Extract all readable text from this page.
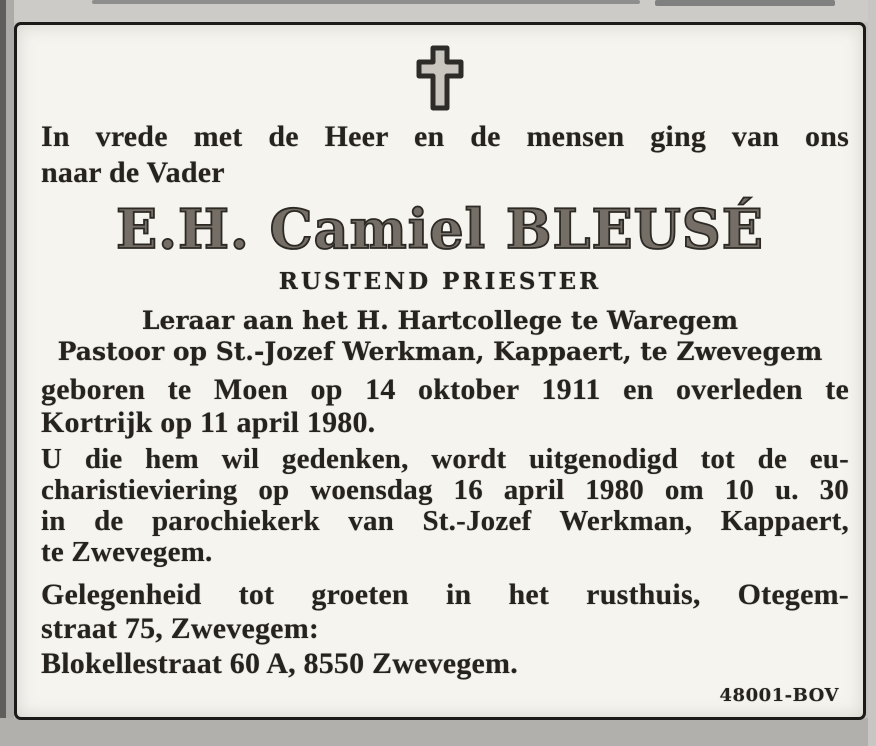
In vrede met de Heer en de mensen ging van ons
naar de Vader
E.H. Camiel BLEUSÉ
RUSTEND PRIESTER
Leraar aan het H. Hartcollege te Waregem
Pastoor op St.-Jozef Werkman, Kappaert, te Zwevegem
geboren te Moen op 14 oktober 1911 en overleden te
Kortrijk op 11 april 1980.
U die hem wil gedenken, wordt uitgenodigd tot de eu-
charistieviering op woensdag 16 april 1980 om 10 u. 30
in de parochiekerk van St.-Jozef Werkman, Kappaert,
te Zwevegem.
Gelegenheid tot groeten in het rusthuis, Otegem-
straat 75, Zwevegem:
Blokellestraat 60 A, 8550 Zwevegem.
48001-BOV
